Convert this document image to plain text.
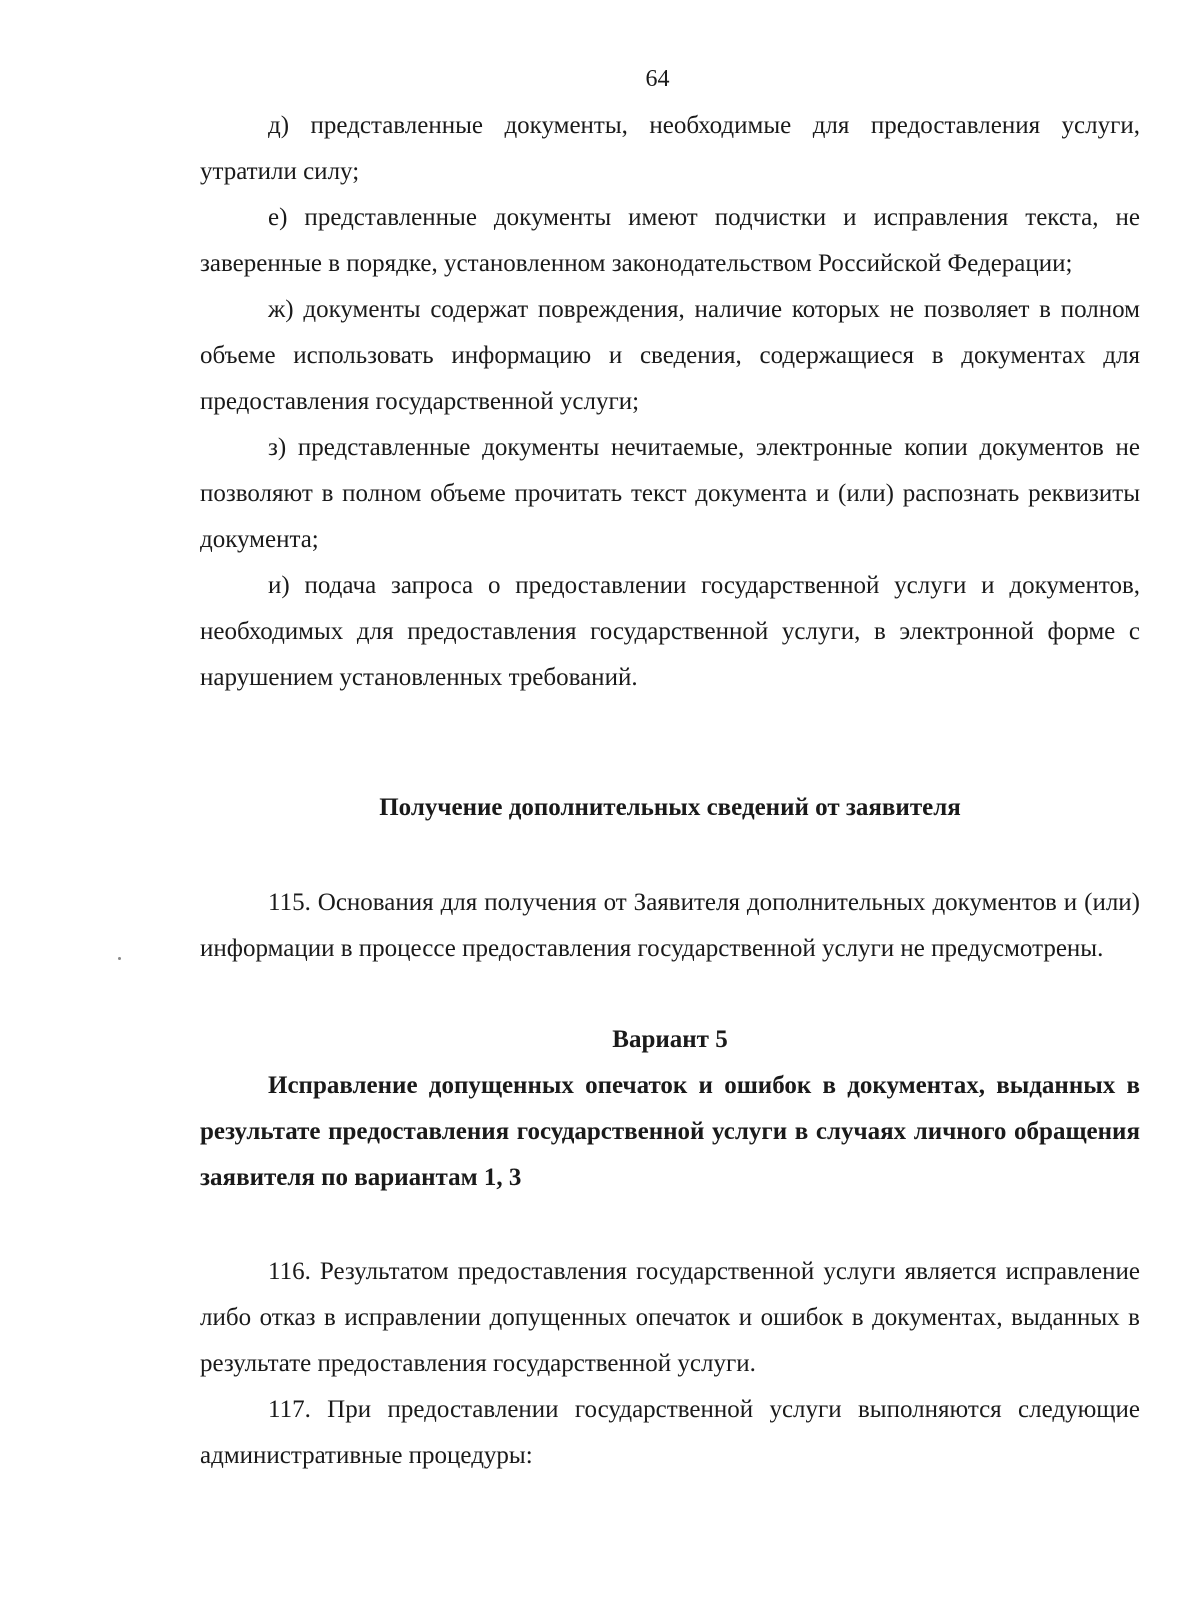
64

д) представленные документы, необходимые для предоставления услуги, утратили силу;

е) представленные документы имеют подчистки и исправления текста, не заверенные в порядке, установленном законодательством Российской Федерации;

ж) документы содержат повреждения, наличие которых не позволяет в полном объеме использовать информацию и сведения, содержащиеся в документах для предоставления государственной услуги;

з) представленные документы нечитаемые, электронные копии документов не позволяют в полном объеме прочитать текст документа и (или) распознать реквизиты документа;

и) подача запроса о предоставлении государственной услуги и документов, необходимых для предоставления государственной услуги, в электронной форме с нарушением установленных требований.

Получение дополнительных сведений от заявителя

115. Основания для получения от Заявителя дополнительных документов и (или) информации в процессе предоставления государственной услуги не предусмотрены.

Вариант 5

Исправление допущенных опечаток и ошибок в документах, выданных в результате предоставления государственной услуги в случаях личного обращения заявителя по вариантам 1, 3

116. Результатом предоставления государственной услуги является исправление либо отказ в исправлении допущенных опечаток и ошибок в документах, выданных в результате предоставления государственной услуги.

117. При предоставлении государственной услуги выполняются следующие административные процедуры:
